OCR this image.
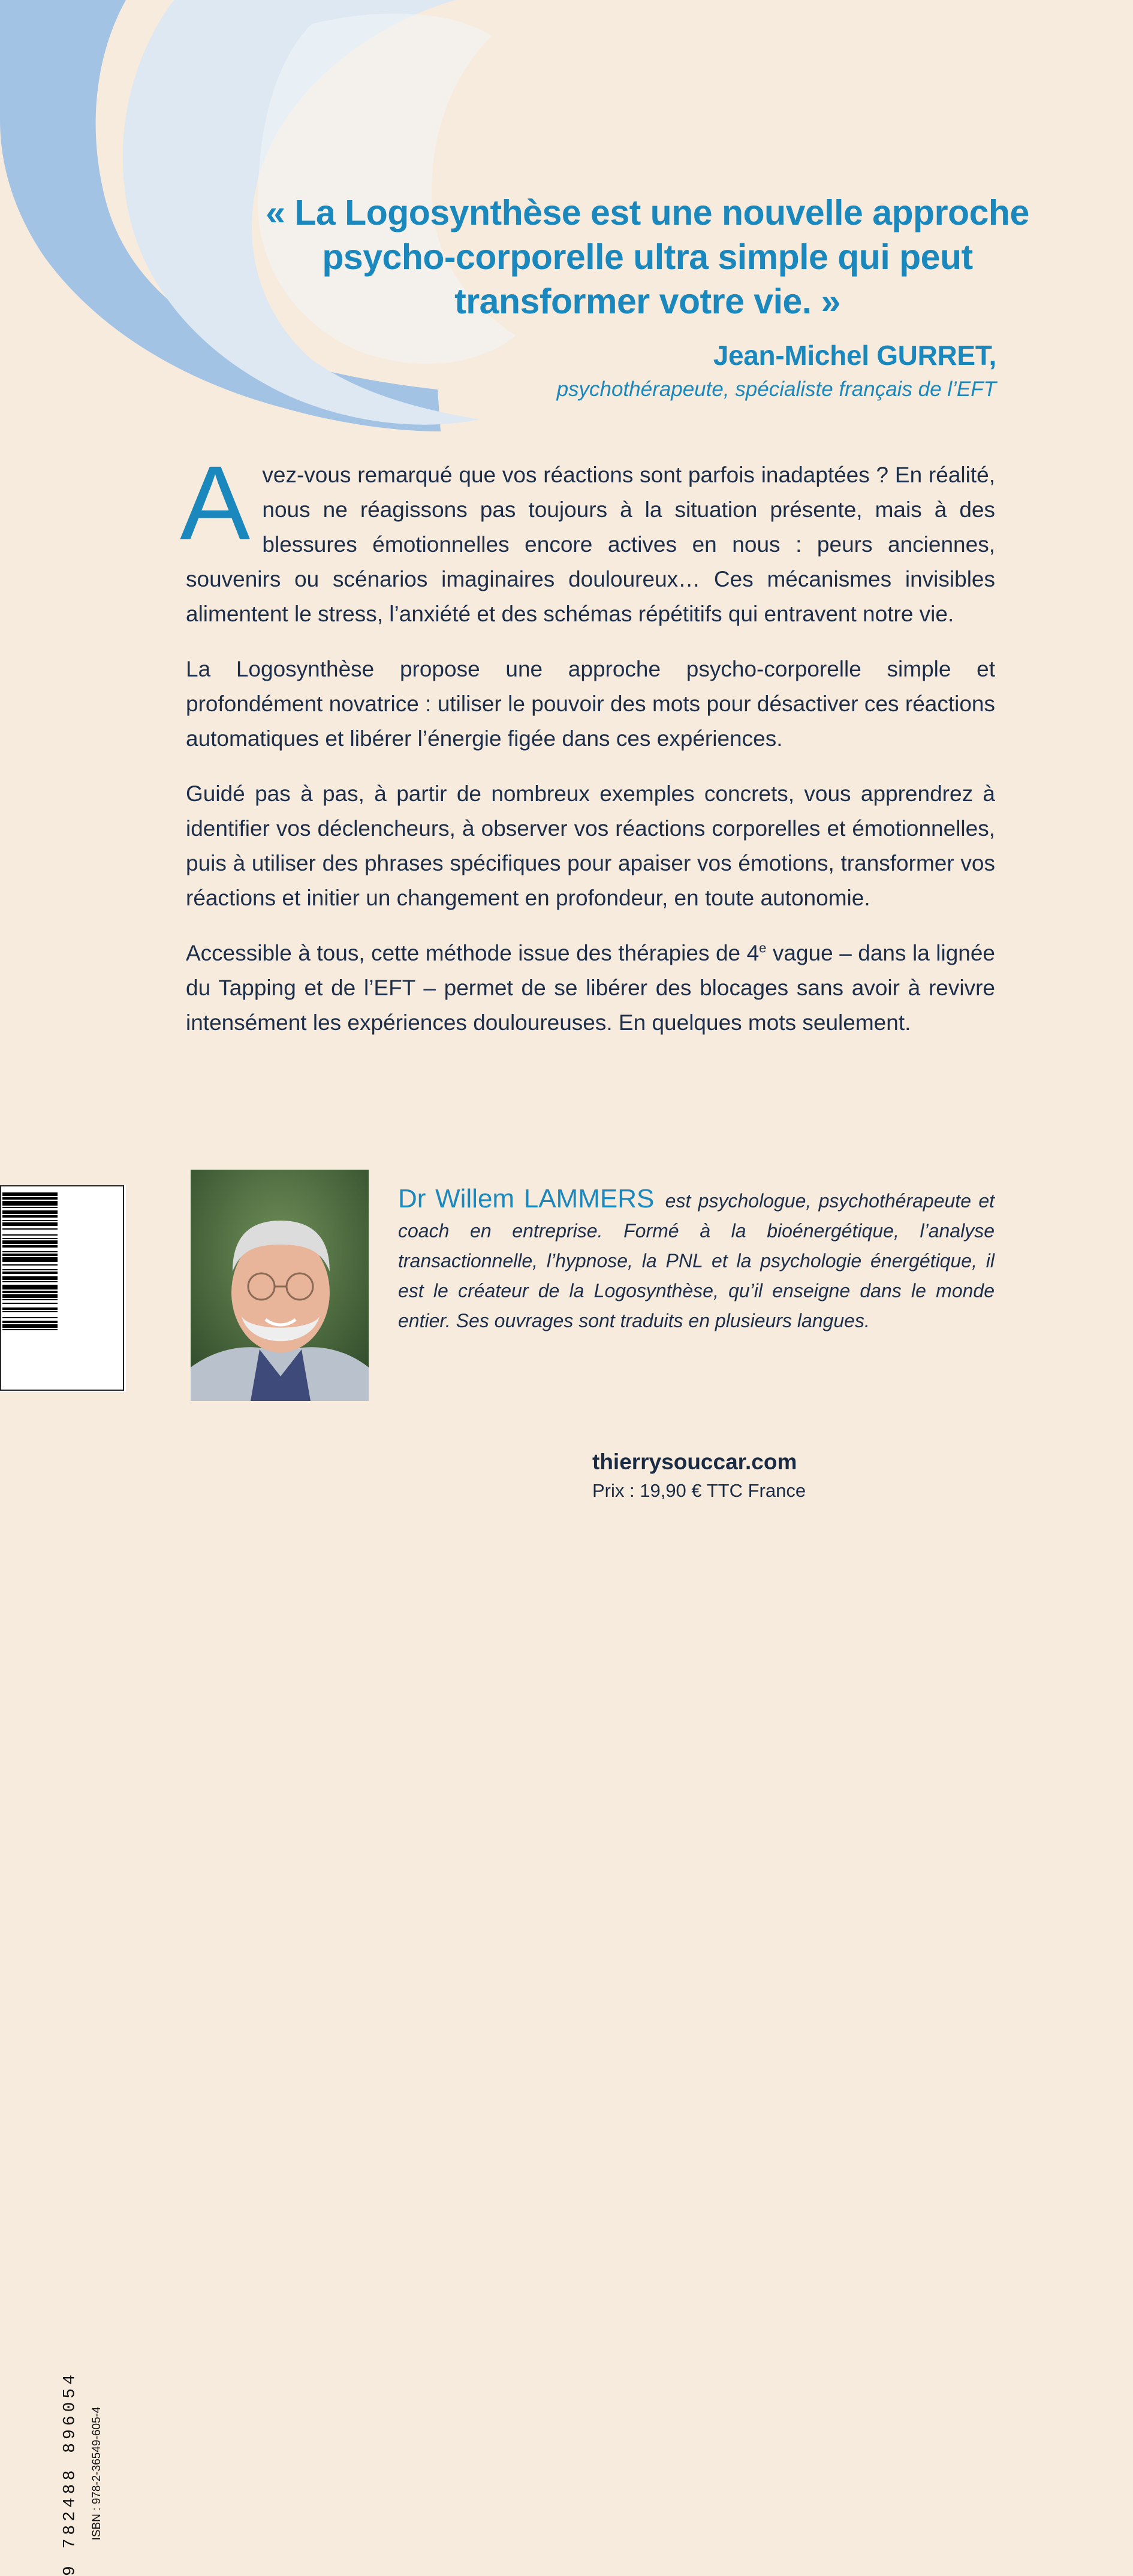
« La Logosynthèse est une nouvelle approche
psycho-corporelle ultra simple qui peut
transformer votre vie. »
Jean-Michel GURRET,
psychothérapeute, spécialiste français de l’EFT

Avez-vous remarqué que vos réactions sont parfois inadaptées ? En réalité, nous ne réagissons pas toujours à la situation présente, mais à des blessures émotionnelles encore actives en nous : peurs anciennes, souvenirs ou scénarios imaginaires douloureux… Ces mécanismes invisibles alimentent le stress, l’anxiété et des schémas répétitifs qui entravent notre vie.

La Logosynthèse propose une approche psycho-corporelle simple et profondément novatrice : utiliser le pouvoir des mots pour désactiver ces réactions automatiques et libérer l’énergie figée dans ces expériences.

Guidé pas à pas, à partir de nombreux exemples concrets, vous apprendrez à identifier vos déclencheurs, à observer vos réactions corporelles et émotionnelles, puis à utiliser des phrases spécifiques pour apaiser vos émotions, transformer vos réactions et initier un changement en profondeur, en toute autonomie.

Accessible à tous, cette méthode issue des thérapies de 4e vague – dans la lignée du Tapping et de l’EFT – permet de se libérer des blocages sans avoir à revivre intensément les expériences douloureuses. En quelques mots seulement.

Dr Willem LAMMERS est psychologue, psychothérapeute et coach en entreprise. Formé à la bioénergétique, l’analyse transactionnelle, l’hypnose, la PNL et la psychologie énergétique, il est le créateur de la Logosynthèse, qu’il enseigne dans le monde entier. Ses ouvrages sont traduits en plusieurs langues.

9 782488 896054 ISBN : 978-2-36549-605-4
thierrysouccar.com
Prix : 19,90 € TTC France
